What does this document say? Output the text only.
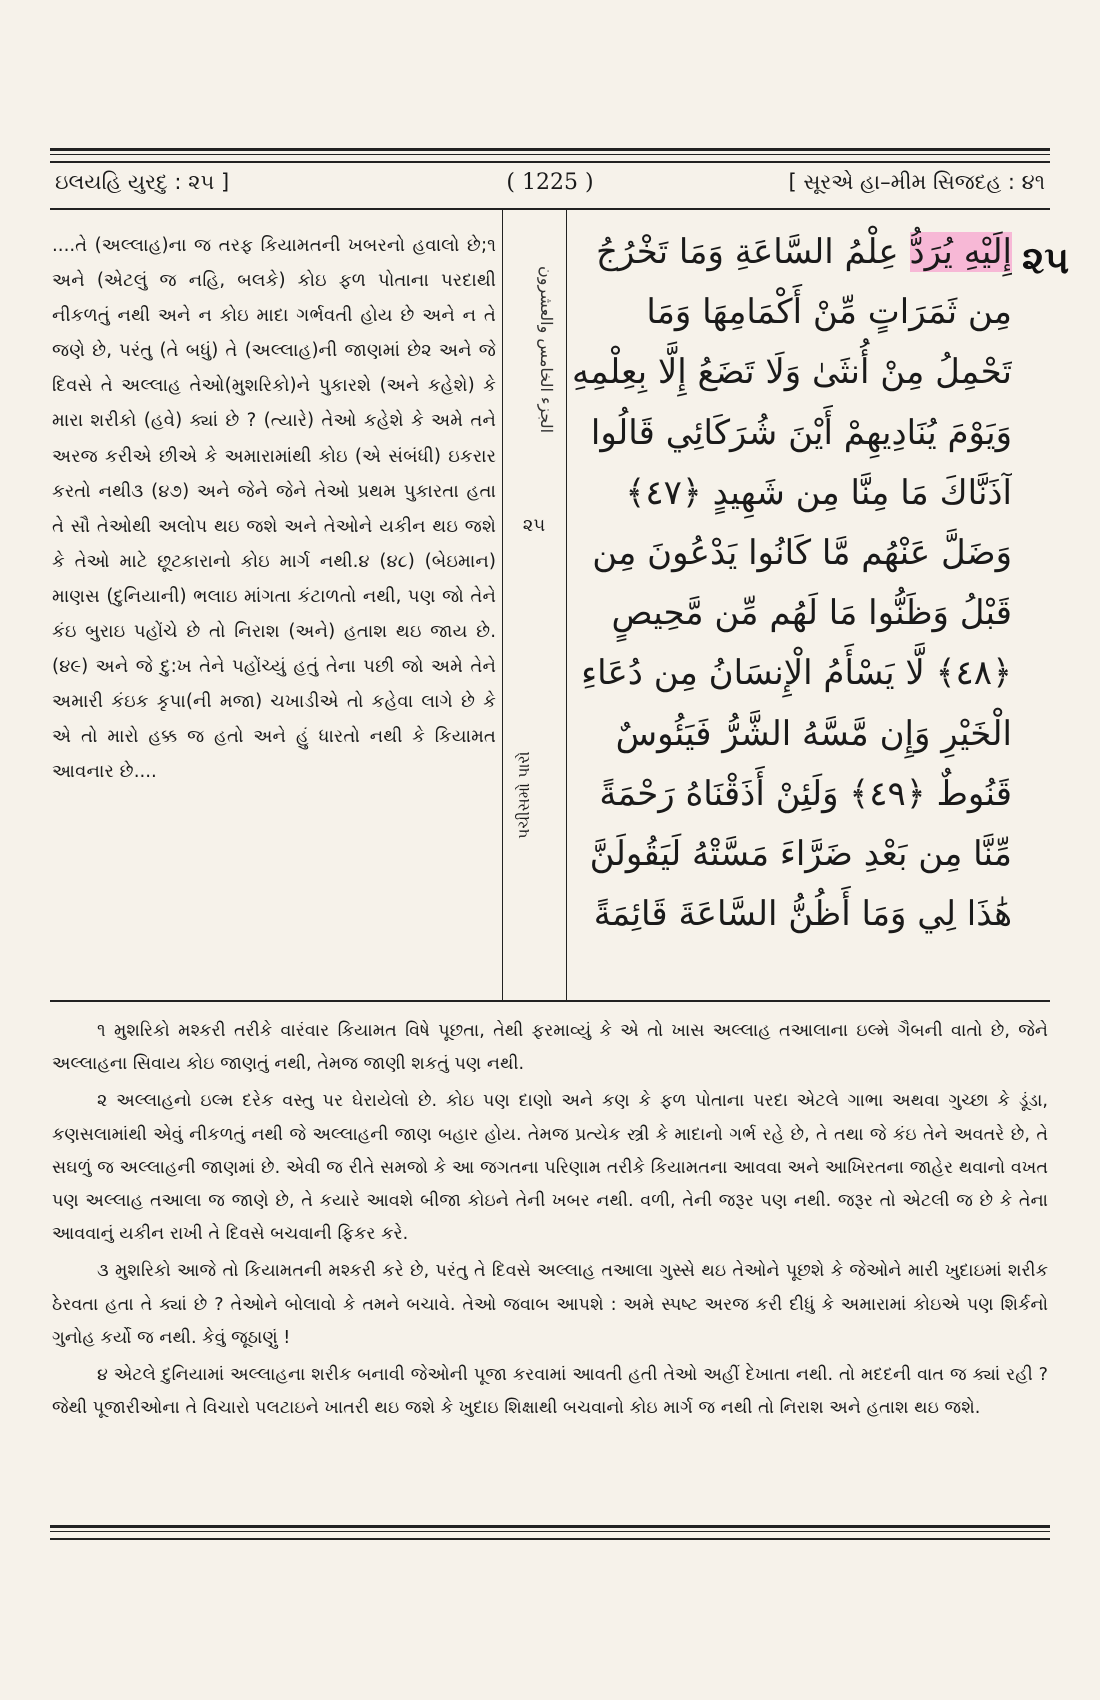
ઇલયહિ યુરદુ : ૨૫ ]	( 1225 )	[ સૂરએ હા–મીમ સિજદહ : ૪૧
....તે (અલ્લાહ)ના જ તરફ કિયામતની ખબરનો હવાલો છે;૧ અને (એટલું જ નહિ, બલકે) કોઇ ફળ પોતાના પરદાથી નીકળતું નથી અને ન કોઇ માદા ગર્ભવતી હોય છે અને ન તે જણે છે, પરંતુ (તે બધું) તે (અલ્લાહ)ની જાણમાં છે૨ અને જે દિવસે તે અલ્લાહ તેઓ(મુશરિકો)ને પુકારશે (અને કહેશે) કે મારા શરીકો (હવે) ક્યાં છે ? (ત્યારે) તેઓ કહેશે કે અમે તને અરજ કરીએ છીએ કે અમારામાંથી કોઇ (એ સંબંધી) ઇકરાર કરતો નથી૩ (૪૭) અને જેને જેને તેઓ પ્રથમ પુકારતા હતા તે સૌ તેઓથી અલોપ થઇ જશે અને તેઓને યકીન થઇ જશે કે તેઓ માટે છૂટકારાનો કોઇ માર્ગ નથી.૪ (૪૮) (બેઇમાન) માણસ (દુનિયાની) ભલાઇ માંગતા કંટાળતો નથી, પણ જો તેને કંઇ બુરાઇ પહોંચે છે તો નિરાશ (અને) હતાશ થઇ જાય છે. (૪૯) અને જે દુ:ખ તેને પહોંચ્યું હતું તેના પછી જો અમે તેને અમારી કંઇક કૃપા(ની મજા) ચખાડીએ તો કહેવા લાગે છે કે એ તો મારો હક્ક જ હતો અને હું ધારતો નથી કે કિયામત આવનાર છે....
الجزء الخامس والعشرون
૨૫
પચીસમો પારો
إِلَيْهِ يُرَدُّ عِلْمُ السَّاعَةِ وَمَا تَخْرُجُ مِن ثَمَرَاتٍ مِّنْ أَكْمَامِهَا وَمَا تَحْمِلُ مِنْ أُنثَىٰ وَلَا تَضَعُ إِلَّا بِعِلْمِهِ وَيَوْمَ يُنَادِيهِمْ أَيْنَ شُرَكَائِي قَالُوا آذَنَّاكَ مَا مِنَّا مِن شَهِيدٍ ﴿٤٧﴾ وَضَلَّ عَنْهُم مَّا كَانُوا يَدْعُونَ مِن قَبْلُ وَظَنُّوا مَا لَهُم مِّن مَّحِيصٍ ﴿٤٨﴾ لَّا يَسْأَمُ الْإِنسَانُ مِن دُعَاءِ الْخَيْرِ وَإِن مَّسَّهُ الشَّرُّ فَيَئُوسٌ قَنُوطٌ ﴿٤٩﴾ وَلَئِنْ أَذَقْنَاهُ رَحْمَةً مِّنَّا مِن بَعْدِ ضَرَّاءَ مَسَّتْهُ لَيَقُولَنَّ هَٰذَا لِي وَمَا أَظُنُّ السَّاعَةَ قَائِمَةً
૨૫

૧ મુશરિકો મશ્કરી તરીકે વારંવાર કિયામત વિષે પૂછતા, તેથી ફરમાવ્યું કે એ તો ખાસ અલ્લાહ તઆલાના ઇલ્મે ગૈબની વાતો છે, જેને અલ્લાહના સિવાય કોઇ જાણતું નથી, તેમજ જાણી શકતું પણ નથી.

૨ અલ્લાહનો ઇલ્મ દરેક વસ્તુ પર ઘેરાયેલો છે. કોઇ પણ દાણો અને કણ કે ફળ પોતાના પરદા એટલે ગાભા અથવા ગુચ્છા કે ડૂંડા, કણસલામાંથી એવું નીકળતું નથી જે અલ્લાહની જાણ બહાર હોય. તેમજ પ્રત્યેક સ્ત્રી કે માદાનો ગર્ભ રહે છે, તે તથા જે કંઇ તેને અવતરે છે, તે સઘળું જ અલ્લાહની જાણમાં છે. એવી જ રીતે સમજો કે આ જગતના પરિણામ તરીકે કિયામતના આવવા અને આખિરતના જાહેર થવાનો વખત પણ અલ્લાહ તઆલા જ જાણે છે, તે કયારે આવશે બીજા કોઇને તેની ખબર નથી. વળી, તેની જરૂર પણ નથી. જરૂર તો એટલી જ છે કે તેના આવવાનું યકીન રાખી તે દિવસે બચવાની ફિકર કરે.

૩ મુશરિકો આજે તો કિયામતની મશ્કરી કરે છે, પરંતુ તે દિવસે અલ્લાહ તઆલા ગુસ્સે થઇ તેઓને પૂછશે કે જેઓને મારી ખુદાઇમાં શરીક ઠેરવતા હતા તે ક્યાં છે ? તેઓને બોલાવો કે તમને બચાવે. તેઓ જવાબ આપશે : અમે સ્પષ્ટ અરજ કરી દીધું કે અમારામાં કોઇએ પણ શિર્કનો ગુનોહ કર્યો જ નથી. કેવું જૂઠાણું !

૪ એટલે દુનિયામાં અલ્લાહના શરીક બનાવી જેઓની પૂજા કરવામાં આવતી હતી તેઓ અહીં દેખાતા નથી. તો મદદની વાત જ ક્યાં રહી ? જેથી પૂજારીઓના તે વિચારો પલટાઇને ખાતરી થઇ જશે કે ખુદાઇ શિક્ષાથી બચવાનો કોઇ માર્ગ જ નથી તો નિરાશ અને હતાશ થઇ જશે.
